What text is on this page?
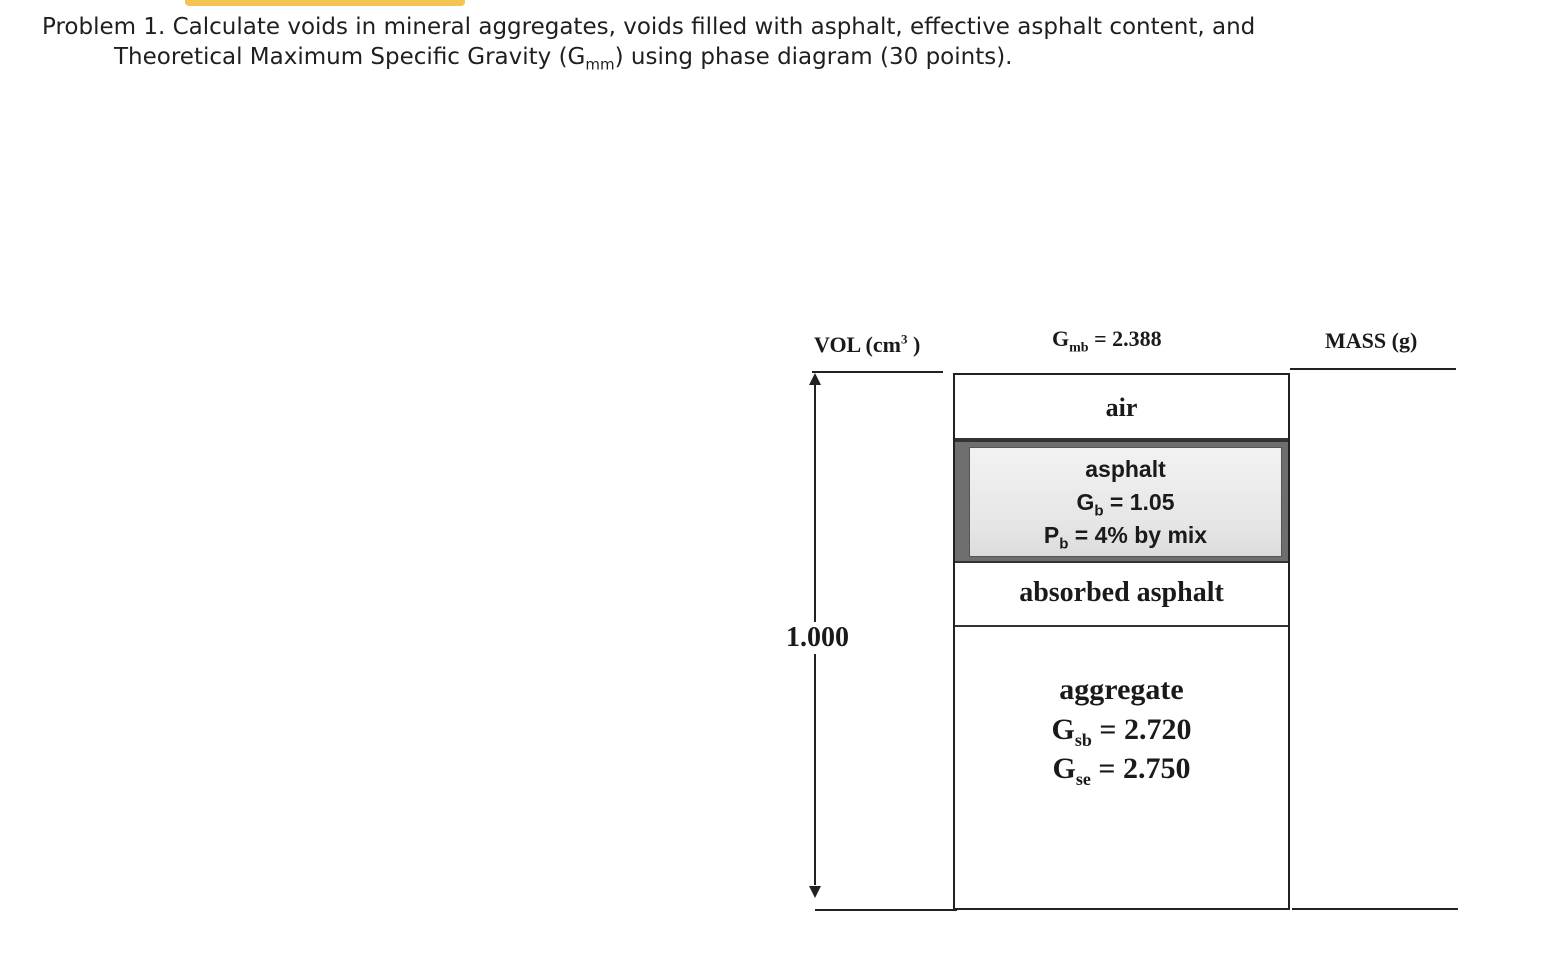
Problem 1. Calculate voids in mineral aggregates, voids filled with asphalt, effective asphalt content, and
Theoretical Maximum Specific Gravity $(G_{mm})$ using phase diagram (30 points).
VOL ($cm^3$ )	$G_{mb} = 2.388$	MASS (g)
1.000
air
asphalt
$G_b = 1.05$
$P_b = 4\%$ by mix
absorbed asphalt
aggregate
$G_{sb} = 2.720$
$G_{se} = 2.750$
